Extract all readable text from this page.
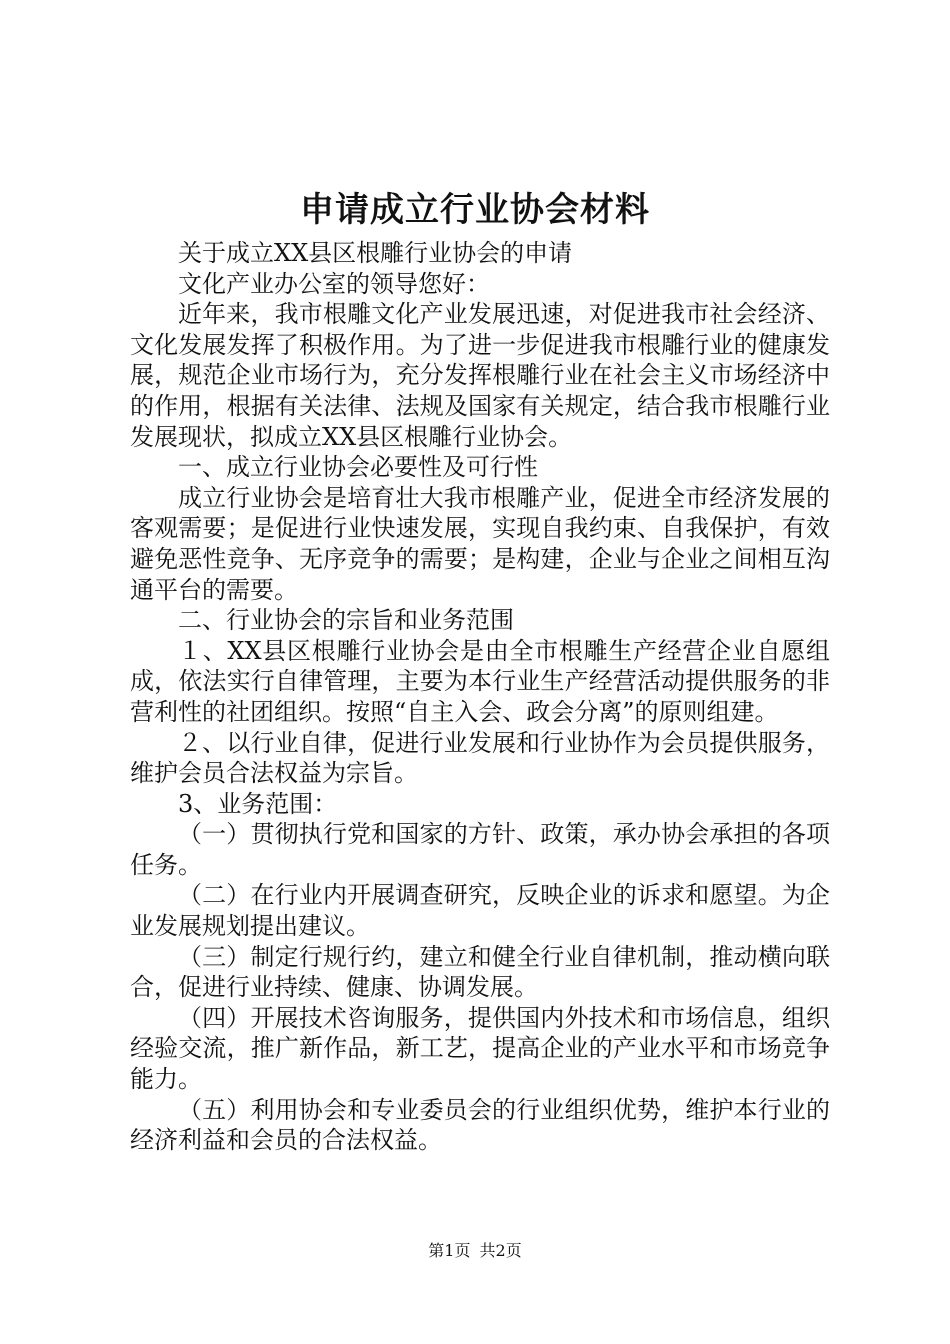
申请成立行业协会材料

关于成立XX县区根雕行业协会的申请

文化产业办公室的领导您好：

近年来，我市根雕文化产业发展迅速，对促进我市社会经济、文化发展发挥了积极作用。为了进一步促进我市根雕行业的健康发展，规范企业市场行为，充分发挥根雕行业在社会主义市场经济中的作用，根据有关法律、法规及国家有关规定，结合我市根雕行业发展现状，拟成立XX县区根雕行业协会。

一、成立行业协会必要性及可行性

成立行业协会是培育壮大我市根雕产业，促进全市经济发展的客观需要；是促进行业快速发展，实现自我约束、自我保护，有效避免恶性竞争、无序竞争的需要；是构建，企业与企业之间相互沟通平台的需要。

二、行业协会的宗旨和业务范围

１、XX县区根雕行业协会是由全市根雕生产经营企业自愿组成，依法实行自律管理，主要为本行业生产经营活动提供服务的非营利性的社团组织。按照“自主入会、政会分离”的原则组建。

２、以行业自律，促进行业发展和行业协作为会员提供服务，维护会员合法权益为宗旨。

3、业务范围：

（一）贯彻执行党和国家的方针、政策，承办协会承担的各项任务。

（二）在行业内开展调查研究，反映企业的诉求和愿望。为企业发展规划提出建议。

（三）制定行规行约，建立和健全行业自律机制，推动横向联合，促进行业持续、健康、协调发展。

（四）开展技术咨询服务，提供国内外技术和市场信息，组织经验交流，推广新作品，新工艺，提高企业的产业水平和市场竞争能力。

（五）利用协会和专业委员会的行业组织优势，维护本行业的经济利益和会员的合法权益。

第1页 共2页
